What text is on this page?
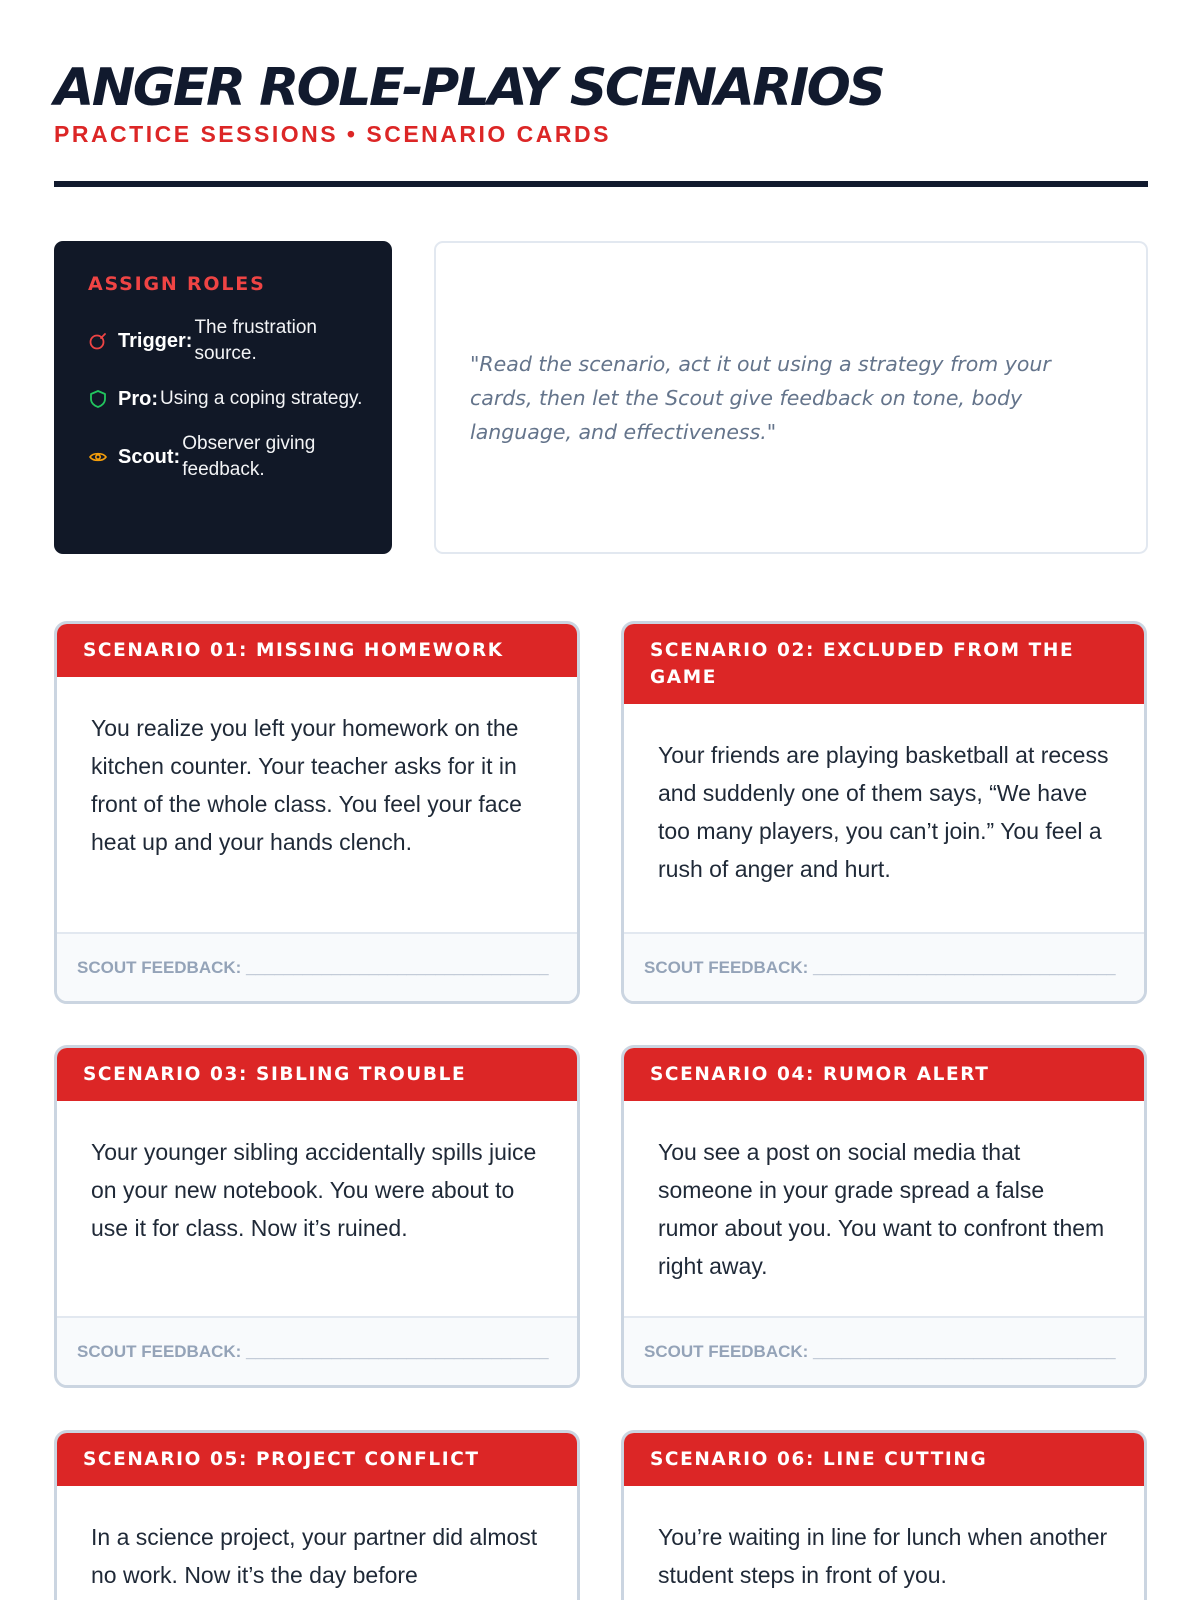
ANGER ROLE-PLAY SCENARIOS
PRACTICE SESSIONS • SCENARIO CARDS
ASSIGN ROLES
Trigger:
The frustration source.
Pro: Using a coping strategy.
Scout:
Observer giving feedback.

"Read the scenario, act it out using a strategy from your cards, then let the Scout give feedback on tone, body language, and effectiveness."

SCENARIO 01: MISSING HOMEWORK
You realize you left your homework on the kitchen counter. Your teacher asks for it in front of the whole class. You feel your face heat up and your hands clench.
SCOUT FEEDBACK: ________________________________
SCENARIO 02: EXCLUDED FROM THE GAME
Your friends are playing basketball at recess and suddenly one of them says, “We have too many players, you can’t join.” You feel a rush of anger and hurt.
SCOUT FEEDBACK: ________________________________
SCENARIO 03: SIBLING TROUBLE
Your younger sibling accidentally spills juice on your new notebook. You were about to use it for class. Now it’s ruined.
SCOUT FEEDBACK: ________________________________
SCENARIO 04: RUMOR ALERT
You see a post on social media that someone in your grade spread a false rumor about you. You want to confront them right away.
SCOUT FEEDBACK: ________________________________
SCENARIO 05: PROJECT CONFLICT
In a science project, your partner did almost no work. Now it’s the day before
SCENARIO 06: LINE CUTTING
You’re waiting in line for lunch when another student steps in front of you.
